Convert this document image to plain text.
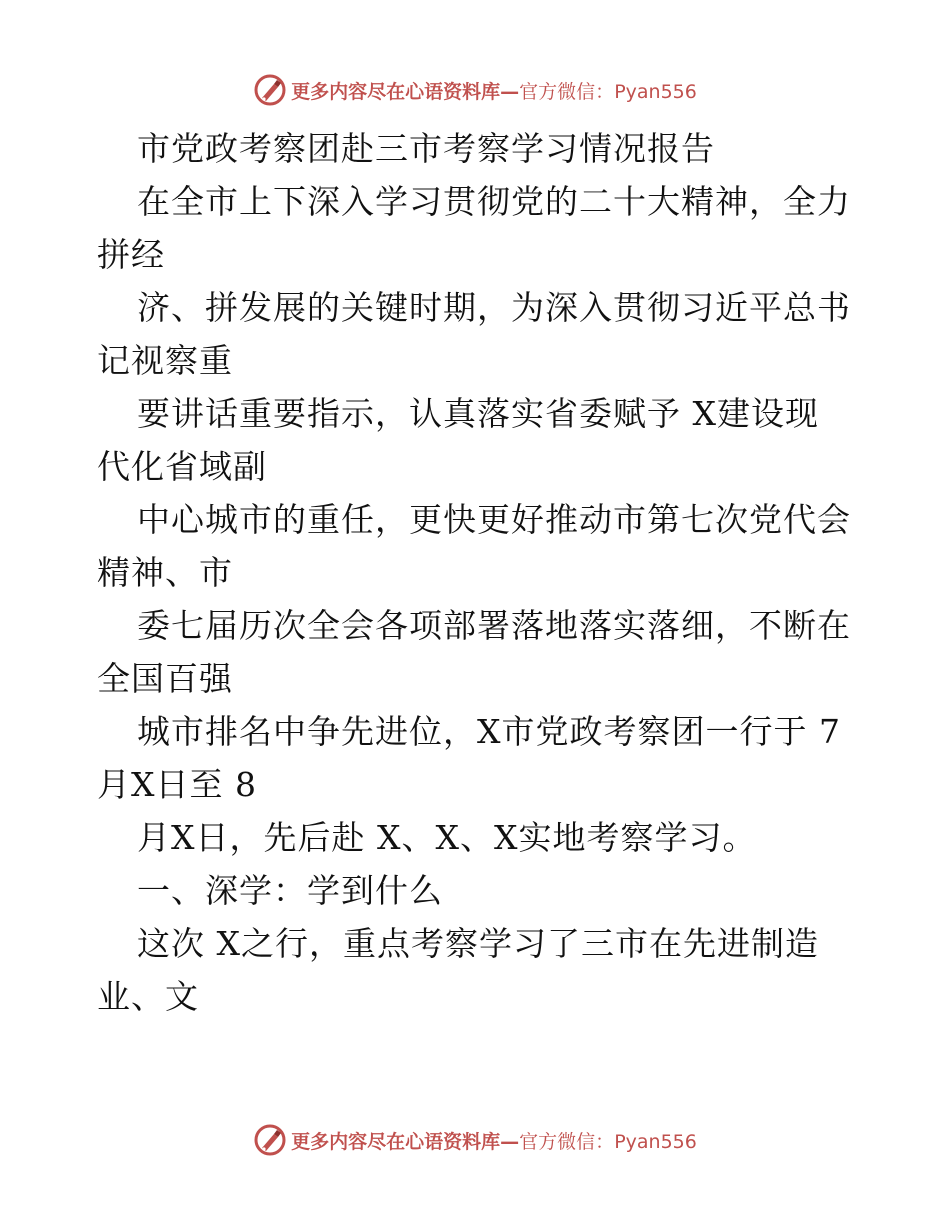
更多内容尽在心语资料库—官方微信：Pyan556
市党政考察团赴三市考察学习情况报告
在全市上下深入学习贯彻党的二十大精神，全力
拼经
济、拼发展的关键时期，为深入贯彻习近平总书
记视察重
要讲话重要指示，认真落实省委赋予 X建设现
代化省域副
中心城市的重任，更快更好推动市第七次党代会
精神、市
委七届历次全会各项部署落地落实落细，不断在
全国百强
城市排名中争先进位，X市党政考察团一行于 7
月X日至 8
月X日，先后赴 X、X、X实地考察学习。
一、深学：学到什么
这次 X之行，重点考察学习了三市在先进制造
业、文
更多内容尽在心语资料库—官方微信：Pyan556
